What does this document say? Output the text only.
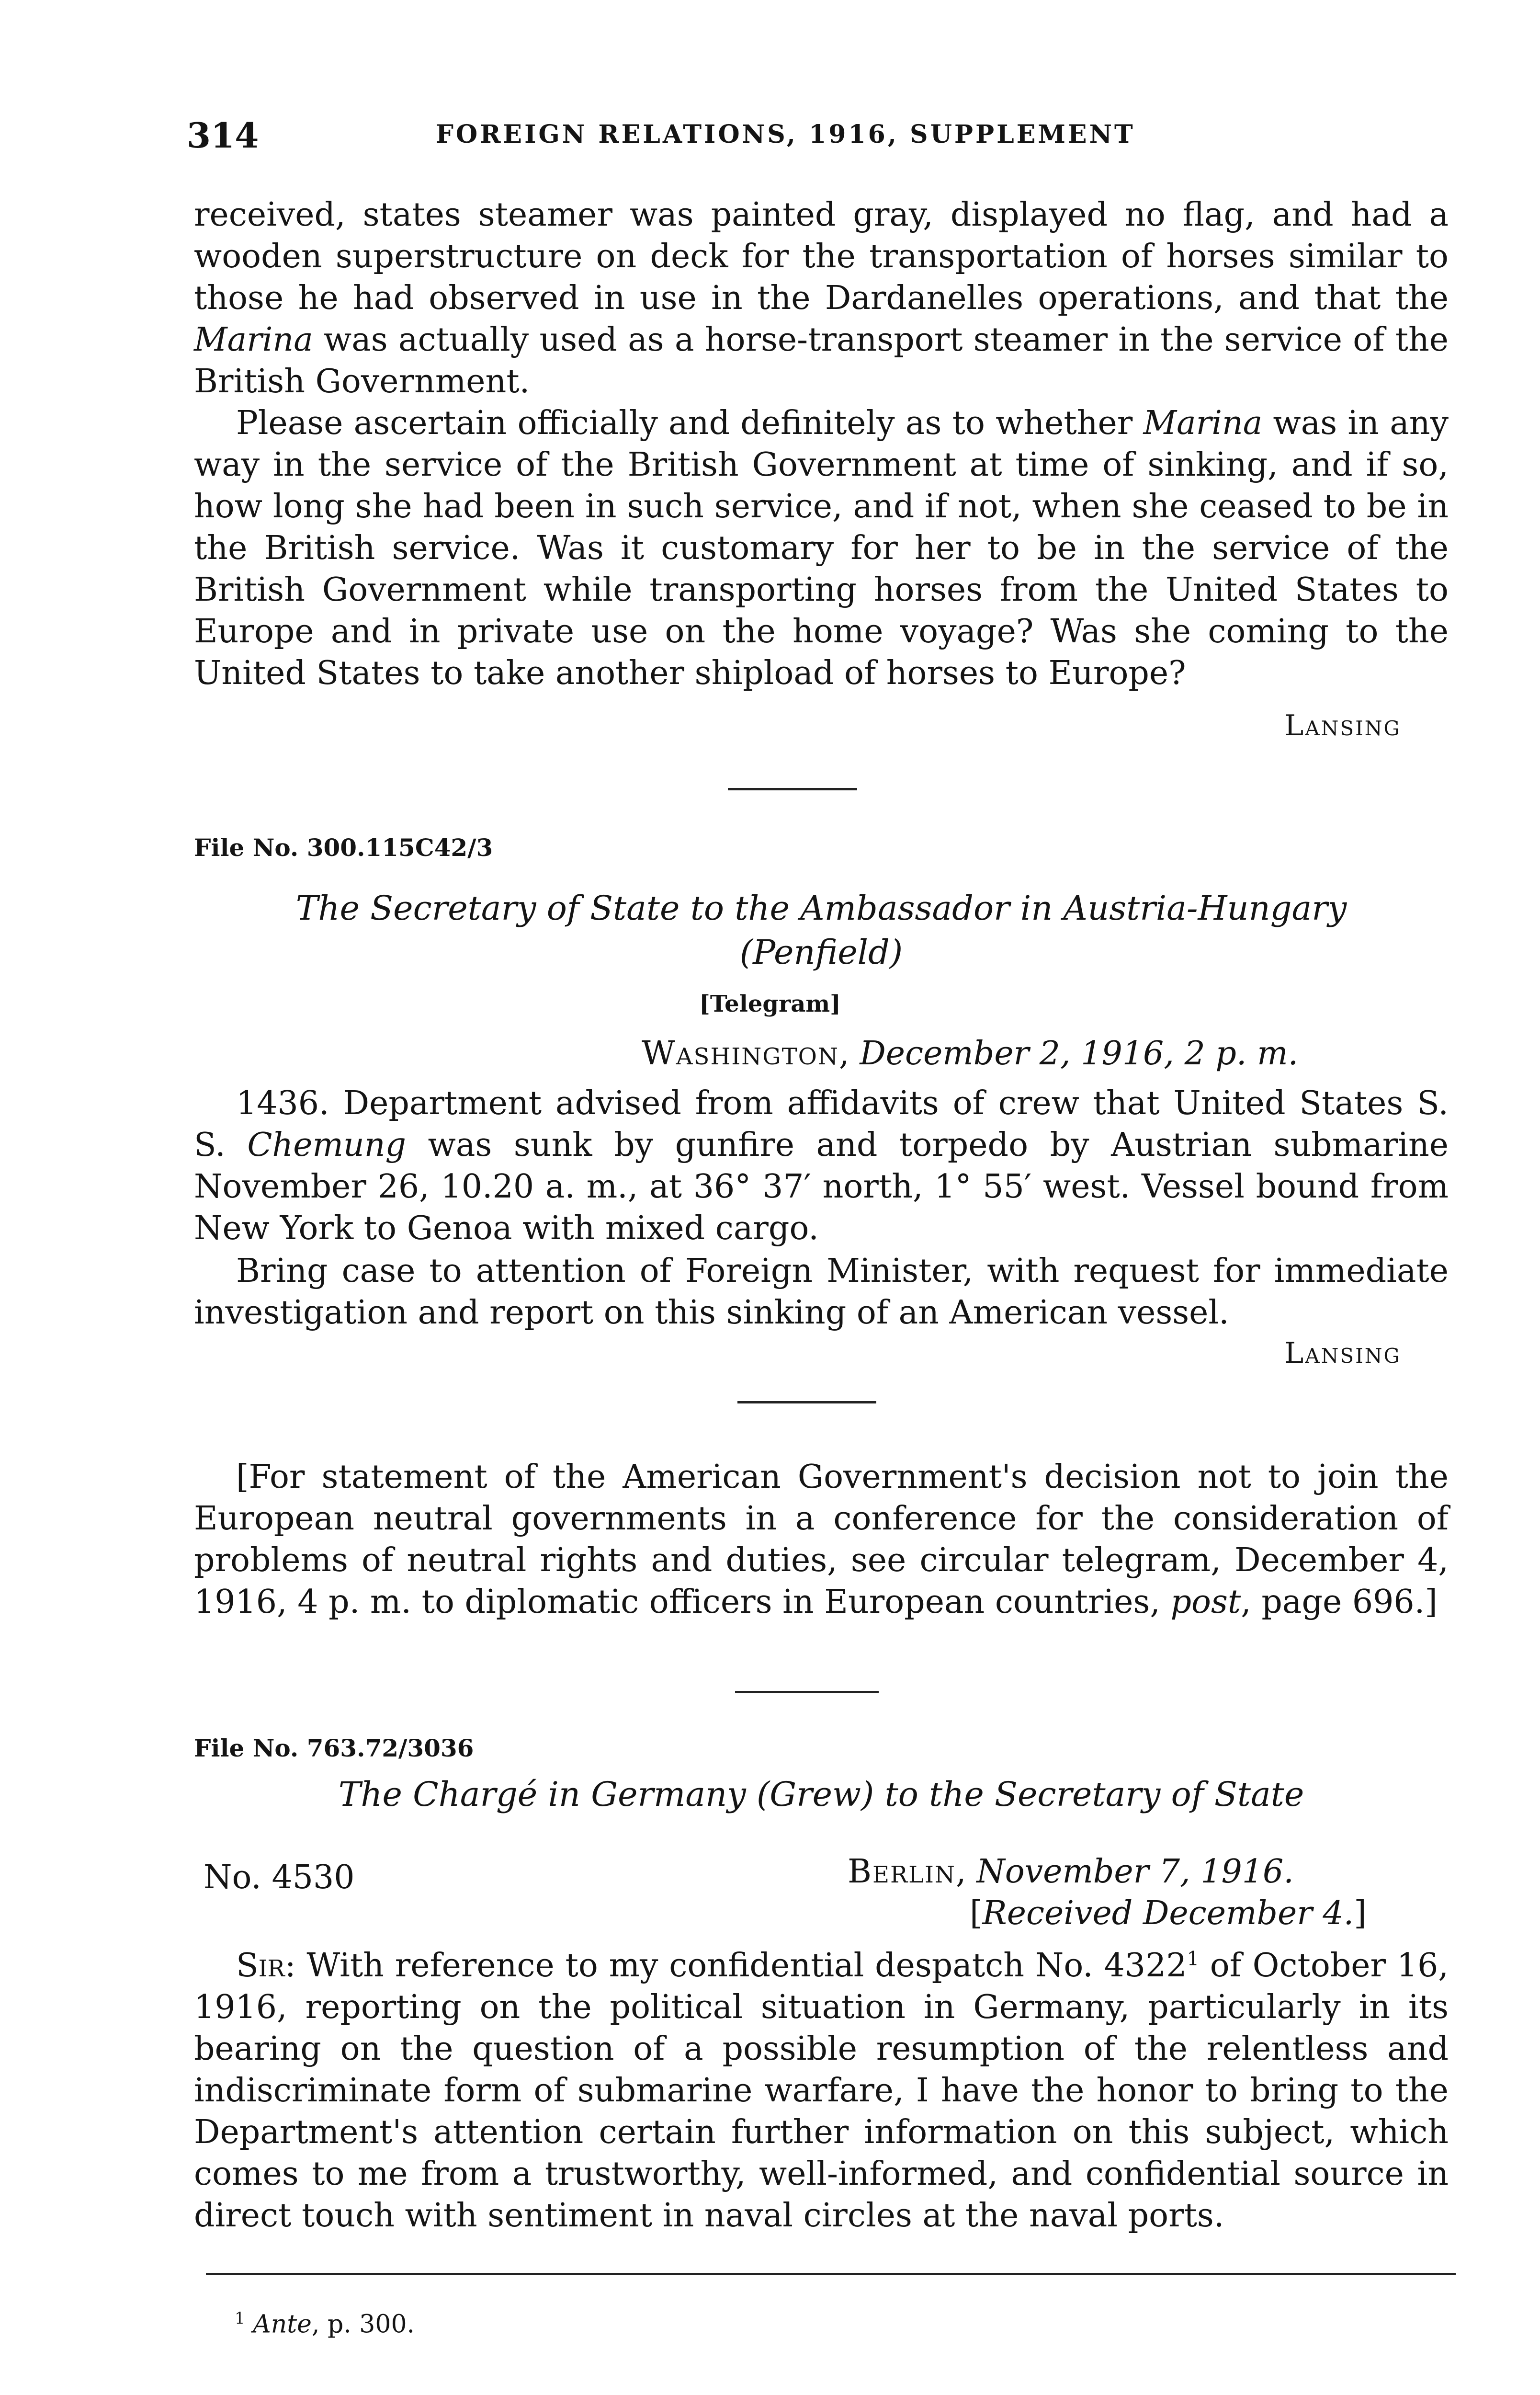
314	FOREIGN RELATIONS, 1916, SUPPLEMENT

received, states steamer was painted gray, displayed no flag, and had a wooden superstructure on deck for the transportation of horses similar to those he had observed in use in the Dardanelles operations, and that the Marina was actually used as a horse-transport steamer in the service of the British Government.

Please ascertain officially and definitely as to whether Marina was in any way in the service of the British Government at time of sinking, and if so, how long she had been in such service, and if not, when she ceased to be in the British service. Was it customary for her to be in the service of the British Government while transporting horses from the United States to Europe and in private use on the home voyage? Was she coming to the United States to take another shipload of horses to Europe?

Lansing
File No. 300.115C42/3

The Secretary of State to the Ambassador in Austria-Hungary
(Penfield)

[Telegram]
Washington, December 2, 1916, 2 p. m.

1436. Department advised from affidavits of crew that United States S. S. Chemung was sunk by gunfire and torpedo by Austrian submarine November 26, 10.20 a. m., at 36° 37′ north, 1° 55′ west. Vessel bound from New York to Genoa with mixed cargo.

Bring case to attention of Foreign Minister, with request for immediate investigation and report on this sinking of an American vessel.

Lansing

[For statement of the American Government's decision not to join the European neutral governments in a conference for the consideration of problems of neutral rights and duties, see circular telegram, December 4, 1916, 4 p. m. to diplomatic officers in European countries, post, page 696.]

File No. 763.72/3036

The Chargé in Germany (Grew) to the Secretary of State

No. 4530	Berlin, November 7, 1916.
[Received December 4.]

Sir: With reference to my confidential despatch No. 4322$^1$ of October 16, 1916, reporting on the political situation in Germany, particularly in its bearing on the question of a possible resumption of the relentless and indiscriminate form of submarine warfare, I have the honor to bring to the Department's attention certain further information on this subject, which comes to me from a trustworthy, well-informed, and confidential source in direct touch with sentiment in naval circles at the naval ports.

$^1$ Ante, p. 300.
